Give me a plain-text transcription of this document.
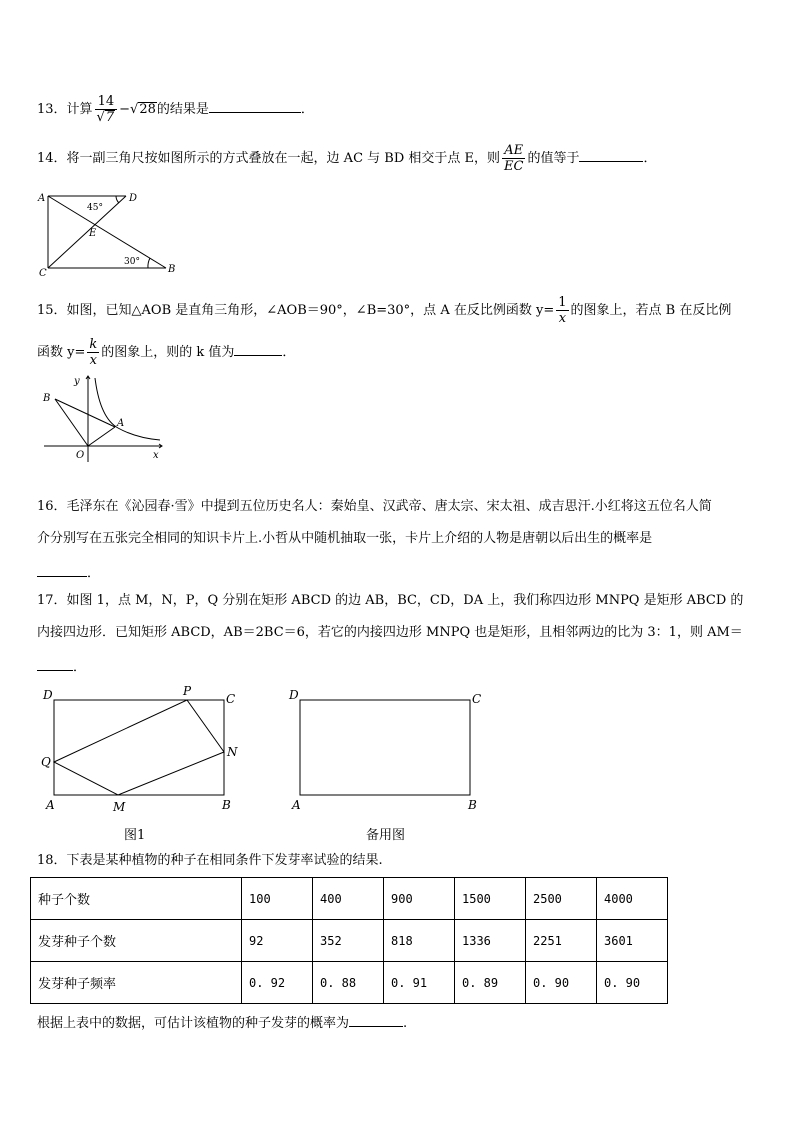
13．计算 $\frac{14}{√7} -√28$的结果是	．
14．将一副三角尺按如图所示的方式叠放在一起，边 AC 与 BD 相交于点 E，则 $\frac{AE}{EC}$ 的值等于	．
A	D
E
C	B
45°
30°
15．如图，已知△AOB 是直角三角形，∠AOB＝90°，∠B=30°，点 A 在反比例函数 $y= \frac{1}{x}$ 的图象上，若点 B 在反比例
函数 $y= \frac{k}{x}$ 的图象上，则的 k 值为	．
y
x
O
A
B
16．毛泽东在《沁园春·雪》中提到五位历史名人：秦始皇、汉武帝、唐太宗、宋太祖、成吉思汗.小红将这五位名人简
介分别写在五张完全相同的知识卡片上.小哲从中随机抽取一张，卡片上介绍的人物是唐朝以后出生的概率是
．
17．如图 1，点 M，N，P，Q 分别在矩形 ABCD 的边 AB，BC，CD，DA 上，我们称四边形 MNPQ 是矩形 ABCD 的
内接四边形．已知矩形 ABCD，AB＝2BC＝6，若它的内接四边形 MNPQ 也是矩形，且相邻两边的比为 3：1，则 AM＝
．
D	P
C
Q
N
A	M	B
图1
D	C
A	B
备用图
18．下表是某种植物的种子在相同条件下发芽率试验的结果.
种子个数	100	400	900	1500	2500	4000
发芽种子个数	92	352	818	1336	2251	3601
发芽种子频率	0. 92	0. 88	0. 91	0. 89	0. 90	0. 90
根据上表中的数据，可估计该植物的种子发芽的概率为	.
